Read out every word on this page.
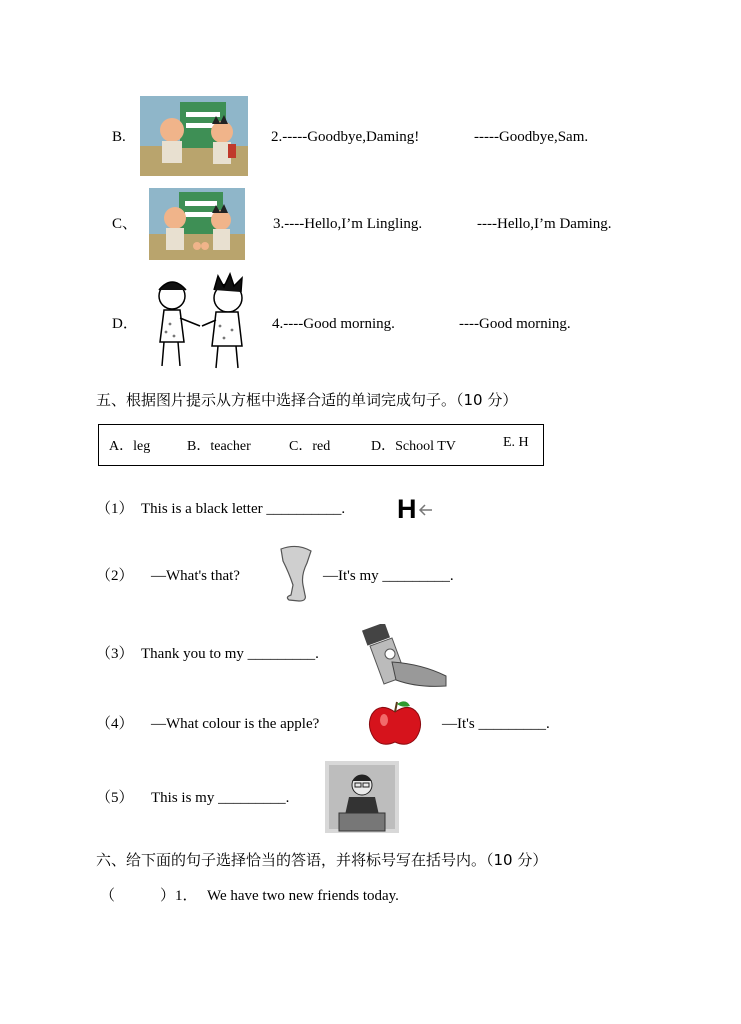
B.	2.-----Goodbye,Daming!	-----Goodbye,Sam.
C、	3.----Hello,I’m Lingling.	----Hello,I’m Daming.
D．	4.----Good morning.	----Good morning.
五、根据图片提示从方框中选择合适的单词完成句子。（10 分）
A．leg	B．teacher	C．red	D．School TV	E. H
（1） This is a black letter __________. H
（2） —What's that?	—It's my _________.
（3） Thank you to my _________.
（4） —What colour is the apple?	—It's _________.
（5） This is my _________.
六、给下面的句子选择恰当的答语，并将标号写在括号内。（10 分）
（　　　）1． We have two new friends today.
